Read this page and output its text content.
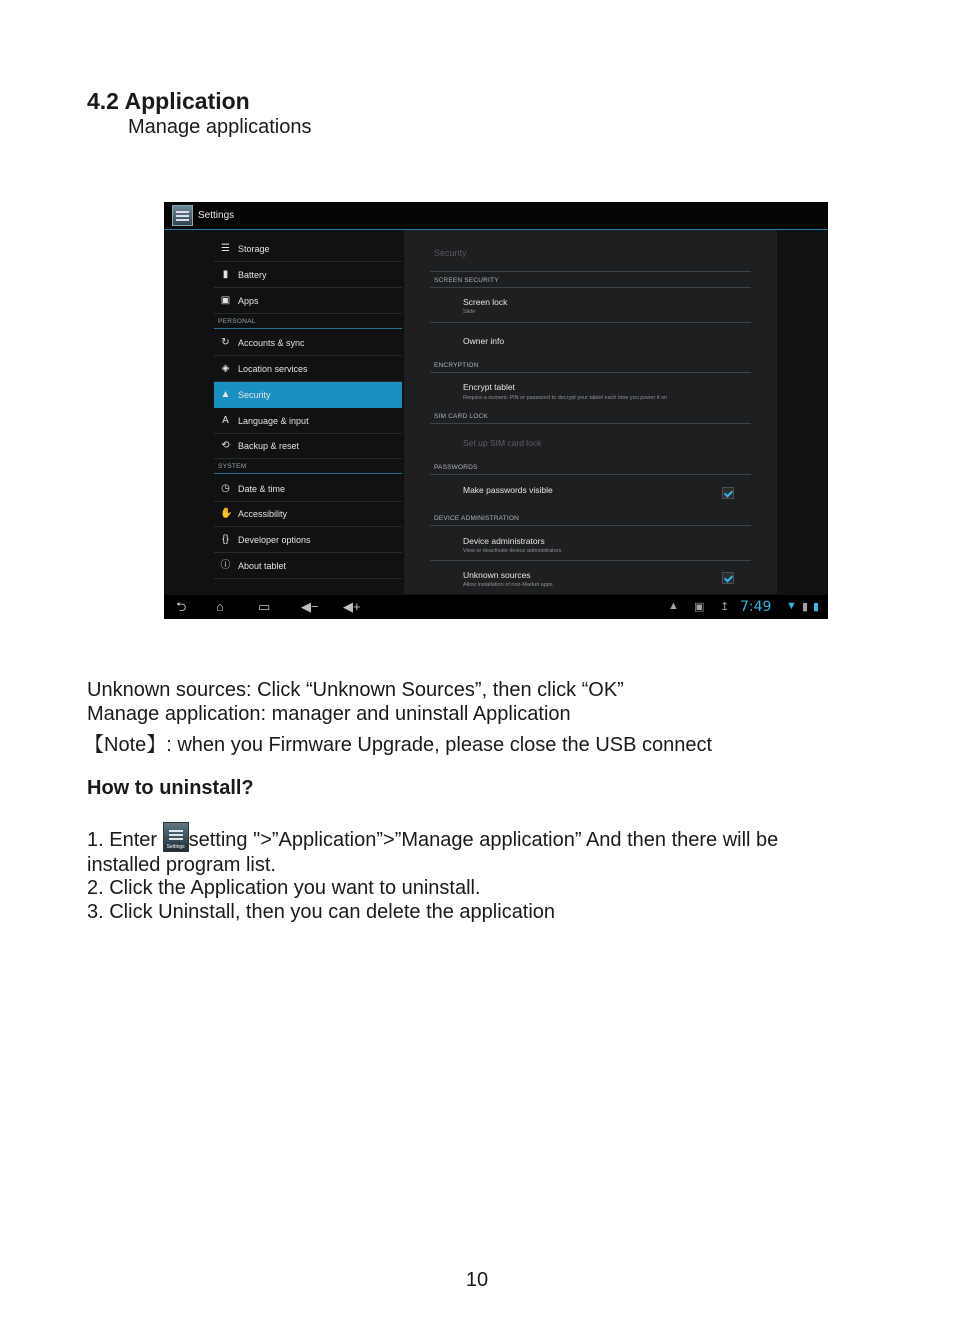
4.2 Application
Manage applications
Settings
☰ Storage
▮	Battery
▣ Apps
PERSONAL
↻ Accounts & sync
◈ Location services
▲ Security
A Language & input
⟲ Backup & reset
SYSTEM
◷ Date & time
✋ Accessibility
{} Developer options
ⓘ About tablet
Security
SCREEN SECURITY
Screen lock
Slide
Owner info
ENCRYPTION
Encrypt tablet
Require a numeric PIN or password to decrypt your tablet each time you power it on
SIM CARD LOCK
Set up SIM card lock
PASSWORDS
Make passwords visible
DEVICE ADMINISTRATION
Device administrators
View or deactivate device administrators
Unknown sources
Allow installation of non-Market apps
⮌ ⌂	▭ ◀− ◀+	▲ ▣ ↥ 7:49 ▼ ▮ ▮
Unknown sources: Click “Unknown Sources”, then click “OK”
Manage application: manager and uninstall Application
【Note】: when you Firmware Upgrade, please close the USB connect
How to uninstall?
1. Enter Settings setting ">”Application”>”Manage application” And then there will be
installed program list.
2. Click the Application you want to uninstall.
3. Click Uninstall, then you can delete the application
10
